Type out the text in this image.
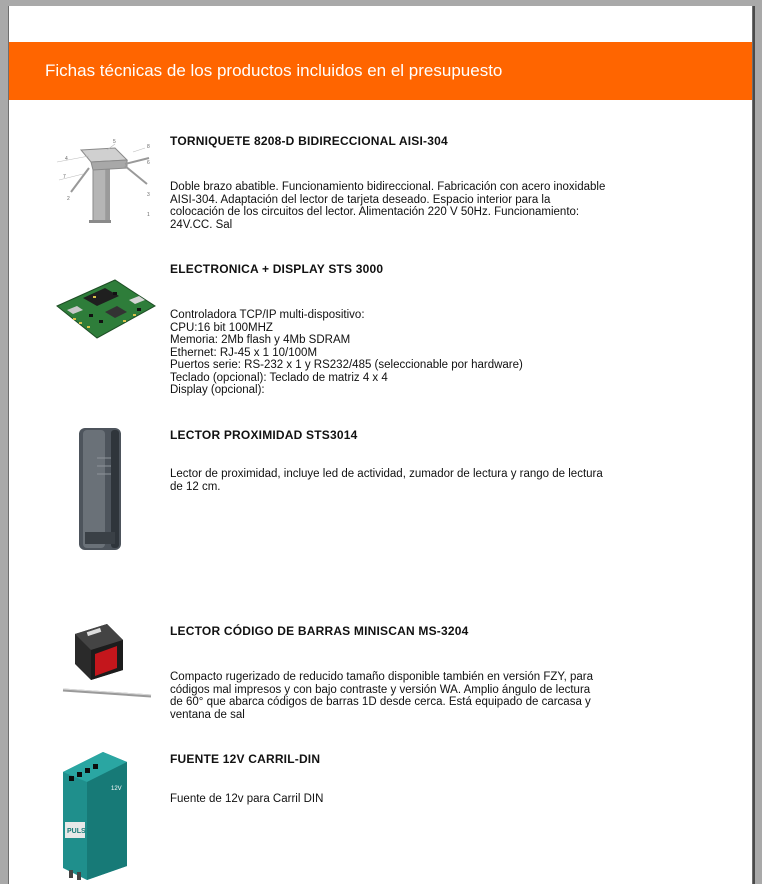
Fichas técnicas de los productos incluidos en el presupuesto
5
8
4
6
7
2
3
1
TORNIQUETE 8208-D BIDIRECCIONAL AISI-304
Doble brazo abatible. Funcionamiento bidireccional. Fabricación con acero inoxidable
AISI-304. Adaptación del lector de tarjeta deseado. Espacio interior para la
colocación de los circuitos del lector. Alimentación 220 V 50Hz. Funcionamiento:
24V.CC. Sal
ELECTRONICA + DISPLAY STS 3000
Controladora TCP/IP multi-dispositivo:
CPU:16 bit 100MHZ
Memoria: 2Mb flash y 4Mb SDRAM
Ethernet: RJ-45 x 1 10/100M
Puertos serie: RS-232 x 1 y RS232/485 (seleccionable por hardware)
Teclado (opcional): Teclado de matriz 4 x 4
Display (opcional):
LECTOR PROXIMIDAD STS3014
Lector de proximidad, incluye led de actividad, zumador de lectura y rango de lectura
de 12 cm.
LECTOR CÓDIGO DE BARRAS MINISCAN MS-3204
Compacto rugerizado de reducido tamaño disponible también en versión FZY, para
códigos mal impresos y con bajo contraste y versión WA. Amplio ángulo de lectura
de 60° que abarca códigos de barras 1D desde cerca. Está equipado de carcasa y
ventana de sal
PULS
12V
FUENTE 12V CARRIL-DIN
Fuente de 12v para Carril DIN
